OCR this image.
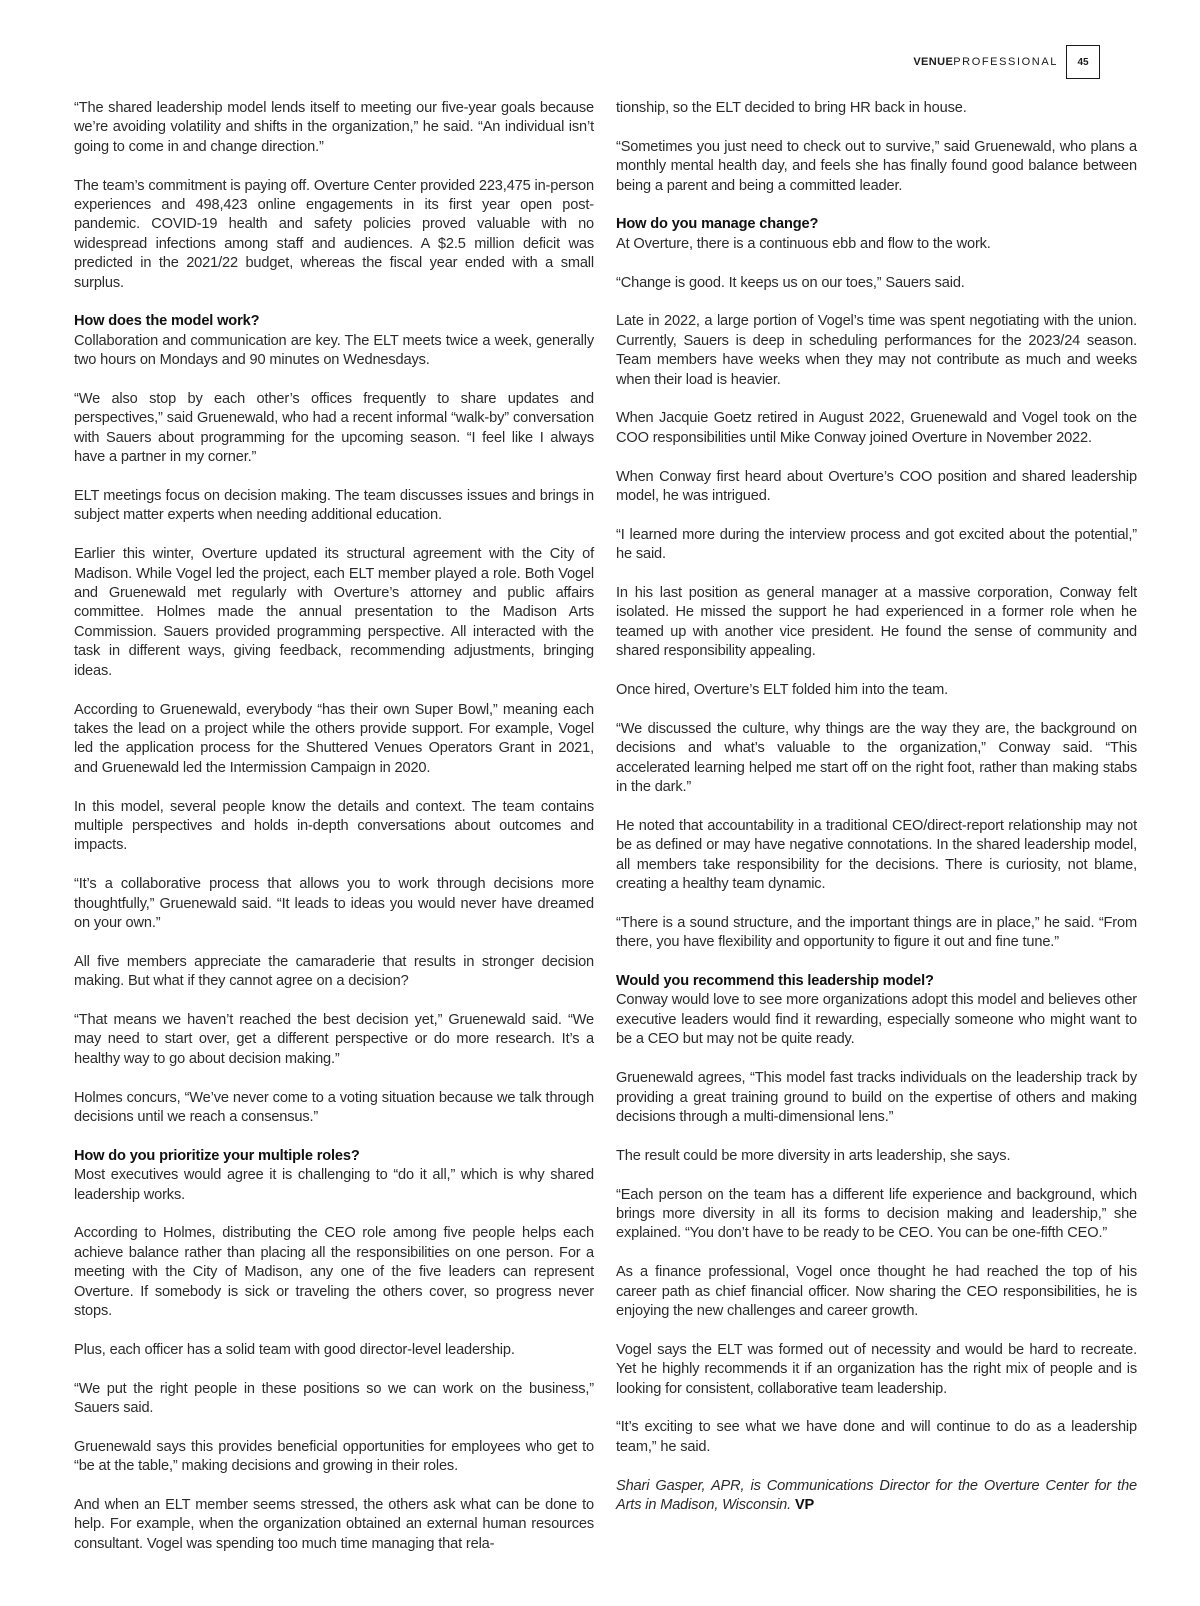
VENUEPROFESSIONAL	45

“The shared leadership model lends itself to meeting our five-year goals because we’re avoiding volatility and shifts in the organization,” he said. “An individual isn’t going to come in and change direction.”

The team’s commitment is paying off. Overture Center provided 223,475 in-person experiences and 498,423 online engagements in its first year open post-pandemic. COVID-19 health and safety policies proved valuable with no widespread infections among staff and audiences. A $2.5 million deficit was predicted in the 2021/22 budget, whereas the fiscal year ended with a small surplus.

How does the model work?

Collaboration and communication are key. The ELT meets twice a week, generally two hours on Mondays and 90 minutes on Wednesdays.

“We also stop by each other’s offices frequently to share updates and perspectives,” said Gruenewald, who had a recent informal “walk-by” conversation with Sauers about programming for the upcoming season. “I feel like I always have a partner in my corner.”

ELT meetings focus on decision making. The team discusses issues and brings in subject matter experts when needing additional education.

Earlier this winter, Overture updated its structural agreement with the City of Madison. While Vogel led the project, each ELT member played a role. Both Vogel and Gruenewald met regularly with Overture’s attorney and public affairs committee. Holmes made the annual presentation to the Madison Arts Commission. Sauers provided programming perspective. All interacted with the task in different ways, giving feedback, recommending adjustments, bringing ideas.

According to Gruenewald, everybody “has their own Super Bowl,” meaning each takes the lead on a project while the others provide support. For example, Vogel led the application process for the Shuttered Venues Operators Grant in 2021, and Gruenewald led the Intermission Campaign in 2020.

In this model, several people know the details and context. The team contains multiple perspectives and holds in-depth conversations about outcomes and impacts.

“It’s a collaborative process that allows you to work through decisions more thoughtfully,” Gruenewald said. “It leads to ideas you would never have dreamed on your own.”

All five members appreciate the camaraderie that results in stronger decision making. But what if they cannot agree on a decision?

“That means we haven’t reached the best decision yet,” Gruenewald said. “We may need to start over, get a different perspective or do more research. It’s a healthy way to go about decision making.”

Holmes concurs, “We’ve never come to a voting situation because we talk through decisions until we reach a consensus.”

How do you prioritize your multiple roles?

Most executives would agree it is challenging to “do it all,” which is why shared leadership works.

According to Holmes, distributing the CEO role among five people helps each achieve balance rather than placing all the responsibilities on one person. For a meeting with the City of Madison, any one of the five leaders can represent Overture. If somebody is sick or traveling the others cover, so progress never stops.

Plus, each officer has a solid team with good director-level leadership.

“We put the right people in these positions so we can work on the business,” Sauers said.

Gruenewald says this provides beneficial opportunities for employees who get to “be at the table,” making decisions and growing in their roles.

And when an ELT member seems stressed, the others ask what can be done to help. For example, when the organization obtained an external human resources consultant. Vogel was spending too much time managing that rela-

tionship, so the ELT decided to bring HR back in house.

“Sometimes you just need to check out to survive,” said Gruenewald, who plans a monthly mental health day, and feels she has finally found good balance between being a parent and being a committed leader.

How do you manage change?

At Overture, there is a continuous ebb and flow to the work.

“Change is good. It keeps us on our toes,” Sauers said.

Late in 2022, a large portion of Vogel’s time was spent negotiating with the union. Currently, Sauers is deep in scheduling performances for the 2023/24 season. Team members have weeks when they may not contribute as much and weeks when their load is heavier.

When Jacquie Goetz retired in August 2022, Gruenewald and Vogel took on the COO responsibilities until Mike Conway joined Overture in November 2022.

When Conway first heard about Overture’s COO position and shared leadership model, he was intrigued.

“I learned more during the interview process and got excited about the potential,” he said.

In his last position as general manager at a massive corporation, Conway felt isolated. He missed the support he had experienced in a former role when he teamed up with another vice president. He found the sense of community and shared responsibility appealing.

Once hired, Overture’s ELT folded him into the team.

“We discussed the culture, why things are the way they are, the background on decisions and what’s valuable to the organization,” Conway said. “This accelerated learning helped me start off on the right foot, rather than making stabs in the dark.”

He noted that accountability in a traditional CEO/direct-report relationship may not be as defined or may have negative connotations. In the shared leadership model, all members take responsibility for the decisions. There is curiosity, not blame, creating a healthy team dynamic.

“There is a sound structure, and the important things are in place,” he said. “From there, you have flexibility and opportunity to figure it out and fine tune.”

Would you recommend this leadership model?

Conway would love to see more organizations adopt this model and believes other executive leaders would find it rewarding, especially someone who might want to be a CEO but may not be quite ready.

Gruenewald agrees, “This model fast tracks individuals on the leadership track by providing a great training ground to build on the expertise of others and making decisions through a multi-dimensional lens.”

The result could be more diversity in arts leadership, she says.

“Each person on the team has a different life experience and background, which brings more diversity in all its forms to decision making and leadership,” she explained. “You don’t have to be ready to be CEO. You can be one-fifth CEO.”

As a finance professional, Vogel once thought he had reached the top of his career path as chief financial officer. Now sharing the CEO responsibilities, he is enjoying the new challenges and career growth.

Vogel says the ELT was formed out of necessity and would be hard to recreate. Yet he highly recommends it if an organization has the right mix of people and is looking for consistent, collaborative team leadership.

“It’s exciting to see what we have done and will continue to do as a leadership team,” he said.

Shari Gasper, APR, is Communications Director for the Overture Center for the Arts in Madison, Wisconsin. VP
